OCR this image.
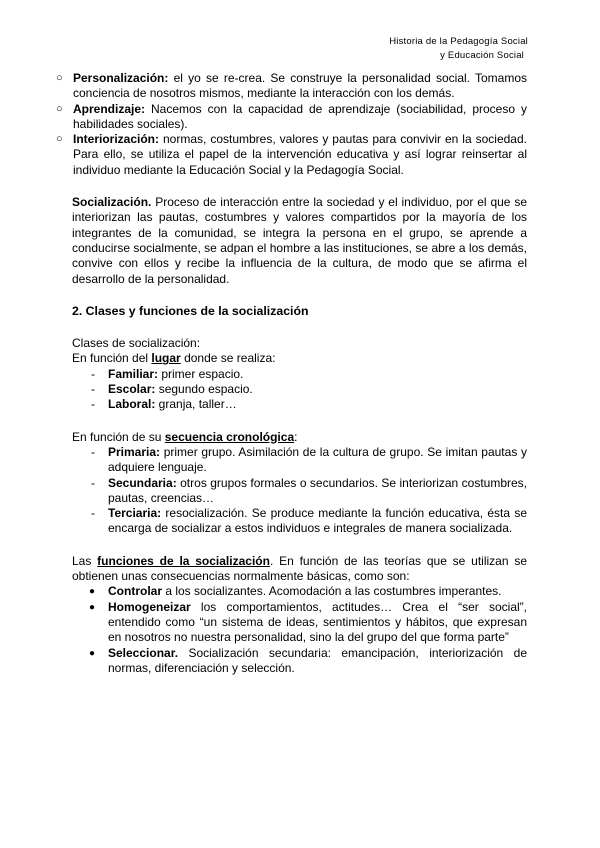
Historia de la Pedagogía Social
y Educación Social
○ Personalización: el yo se re-crea. Se construye la personalidad social. Tomamos conciencia de nosotros mismos, mediante la interacción con los demás.
○ Aprendizaje: Nacemos con la capacidad de aprendizaje (sociabilidad, proceso y habilidades sociales).
○ Interiorización: normas, costumbres, valores y pautas para convivir en la sociedad. Para ello, se utiliza el papel de la intervención educativa y así lograr reinsertar al individuo mediante la Educación Social y la Pedagogía Social.

Socialización. Proceso de interacción entre la sociedad y el individuo, por el que se interiorizan las pautas, costumbres y valores compartidos por la mayoría de los integrantes de la comunidad, se integra la persona en el grupo, se aprende a conducirse socialmente, se adpan el hombre a las instituciones, se abre a los demás, convive con ellos y recibe la influencia de la cultura, de modo que se afirma el desarrollo de la personalidad.

2. Clases y funciones de la socialización

Clases de socialización:

En función del lugar donde se realiza:

- Familiar: primer espacio.
- Escolar: segundo espacio.
- Laboral: granja, taller…

En función de su secuencia cronológica:

- Primaria: primer grupo. Asimilación de la cultura de grupo. Se imitan pautas y adquiere lenguaje.
- Secundaria: otros grupos formales o secundarios. Se interiorizan costumbres, pautas, creencias…
- Terciaria: resocialización. Se produce mediante la función educativa, ésta se encarga de socializar a estos individuos e integrales de manera socializada.

Las funciones de la socialización. En función de las teorías que se utilizan se obtienen unas consecuencias normalmente básicas, como son:

● Controlar a los socializantes. Acomodación a las costumbres imperantes.
● Homogeneizar los comportamientos, actitudes… Crea el “ser social”, entendido como “un sistema de ideas, sentimientos y hábitos, que expresan en nosotros no nuestra personalidad, sino la del grupo del que forma parte”
● Seleccionar. Socialización secundaria: emancipación, interiorización de normas, diferenciación y selección.
